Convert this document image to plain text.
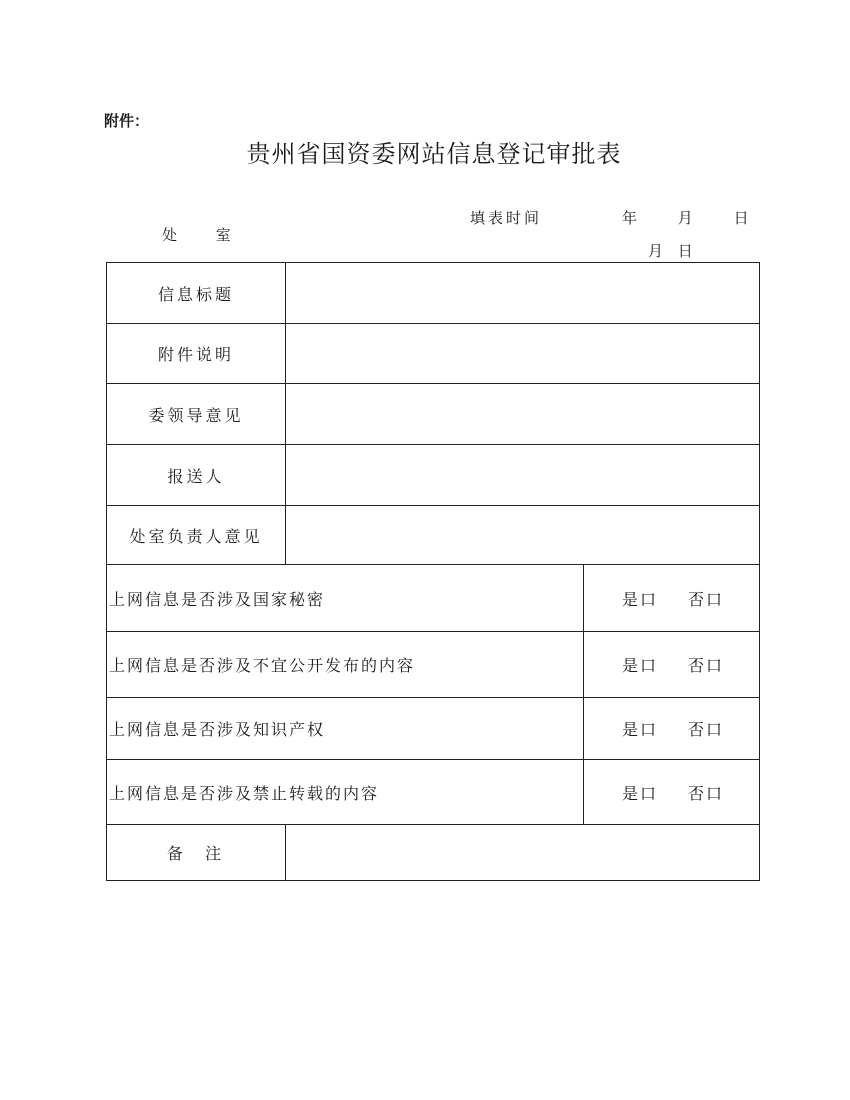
附件：
贵州省国资委网站信息登记审批表
处	室
填表时间	年	月	日
月 日
信息标题
附件说明
委领导意见
报送人
处室负责人意见
上网信息是否涉及国家秘密	是口 否口
上网信息是否涉及不宜公开发布的内容	是口 否口
上网信息是否涉及知识产权	是口 否口
上网信息是否涉及禁止转载的内容	是口 否口
备  注
